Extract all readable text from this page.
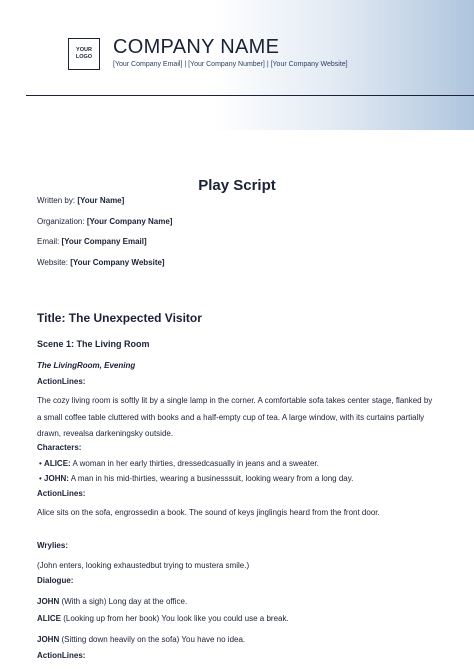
YOUR
LOGO COMPANY NAME
[Your Company Email] | [Your Company Number] | [Your Company Website]
Play Script
Written by: [Your Name]
Organization: [Your Company Name]
Email: [Your Company Email]
Website: [Your Company Website]
Title: The Unexpected Visitor
Scene 1: The Living Room
The LivingRoom, Evening
ActionLines:
The cozy living room is softly lit by a single lamp in the corner. A comfortable sofa takes center stage, flanked by a small coffee table cluttered with books and a half-empty cup of tea. A large window, with its curtains partially drawn, revealsa darkeningsky outside.
Characters:
• ALICE: A woman in her early thirties, dressedcasually in jeans and a sweater.
• JOHN: A man in his mid-thirties, wearing a businesssuit, looking weary from a long day.
ActionLines:
Alice sits on the sofa, engrossedin a book. The sound of keys jinglingis heard from the front door.
Wrylies:
(John enters, looking exhaustedbut trying to mustera smile.)
Dialogue:
JOHN (With a sigh) Long day at the office.
ALICE (Looking up from her book) You look like you could use a break.
JOHN (Sitting down heavily on the sofa) You have no idea.
ActionLines:
